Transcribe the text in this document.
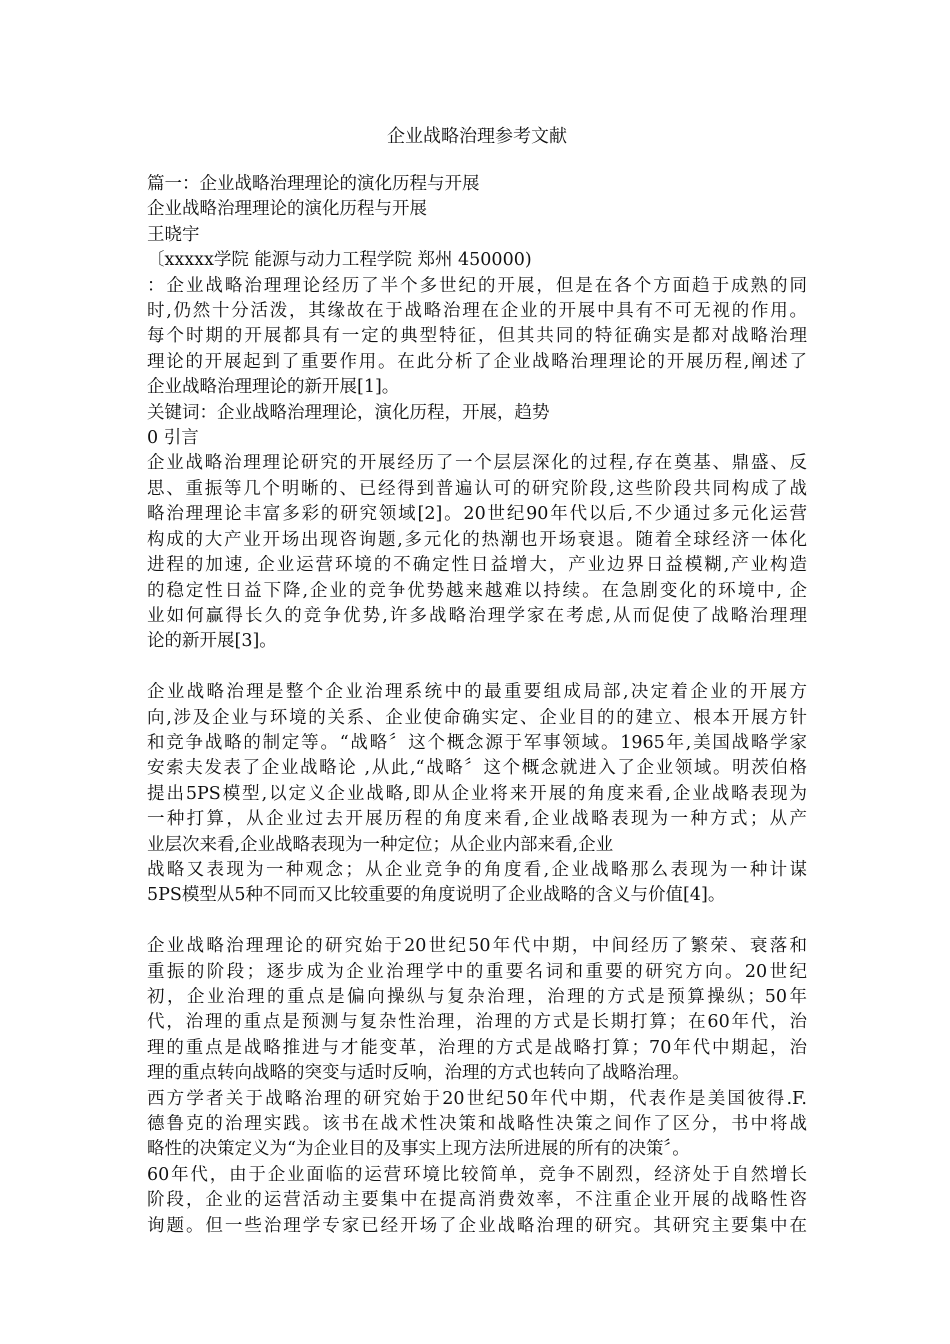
企业战略治理参考文献
篇一：企业战略治理理论的演化历程与开展
企业战略治理理论的演化历程与开展
王晓宇
〔xxxxx学院 能源与动力工程学院 郑州 450000)
：企业战略治理理论经历了半个多世纪的开展，但是在各个方面趋于成熟的同
时,仍然十分活泼，其缘故在于战略治理在企业的开展中具有不可无视的作用。
每个时期的开展都具有一定的典型特征，但其共同的特征确实是都对战略治理
理论的开展起到了重要作用。在此分析了企业战略治理理论的开展历程,阐述了
企业战略治理理论的新开展[1]。
关键词：企业战略治理理论，演化历程，开展，趋势
0 引言
企业战略治理理论研究的开展经历了一个层层深化的过程,存在奠基、鼎盛、反
思、重振等几个明晰的、已经得到普遍认可的研究阶段,这些阶段共同构成了战
略治理理论丰富多彩的研究领域[2]。20世纪90年代以后,不少通过多元化运营
构成的大产业开场出现咨询题,多元化的热潮也开场衰退。随着全球经济一体化
进程的加速, 企业运营环境的不确定性日益增大，产业边界日益模糊,产业构造
的稳定性日益下降,企业的竞争优势越来越难以持续。在急剧变化的环境中, 企
业如何赢得长久的竞争优势,许多战略治理学家在考虑,从而促使了战略治理理
论的新开展[3]。
企业战略治理是整个企业治理系统中的最重要组成局部,决定着企业的开展方
向,涉及企业与环境的关系、企业使命确实定、企业目的的建立、根本开展方针
和竞争战略的制定等。“战略〞这个概念源于军事领域。1965年,美国战略学家
安索夫发表了企业战略论 ,从此,“战略〞这个概念就进入了企业领域。明茨伯格
提出5PS模型,以定义企业战略,即从企业将来开展的角度来看,企业战略表现为
一种打算，从企业过去开展历程的角度来看,企业战略表现为一种方式；从产
业层次来看,企业战略表现为一种定位；从企业内部来看,企业
战略又表现为一种观念；从企业竞争的角度看,企业战略那么表现为一种计谋
5PS模型从5种不同而又比较重要的角度说明了企业战略的含义与价值[4]。
企业战略治理理论的研究始于20世纪50年代中期，中间经历了繁荣、衰落和
重振的阶段；逐步成为企业治理学中的重要名词和重要的研究方向。20世纪
初，企业治理的重点是偏向操纵与复杂治理，治理的方式是预算操纵；50年
代，治理的重点是预测与复杂性治理，治理的方式是长期打算；在60年代，治
理的重点是战略推进与才能变革，治理的方式是战略打算；70年代中期起，治
理的重点转向战略的突变与适时反响，治理的方式也转向了战略治理。
西方学者关于战略治理的研究始于20世纪50年代中期，代表作是美国彼得.F.
德鲁克的治理实践。该书在战术性决策和战略性决策之间作了区分，书中将战
略性的决策定义为“为企业目的及事实上现方法所进展的所有的决策〞。
60年代，由于企业面临的运营环境比较简单，竞争不剧烈，经济处于自然增长
阶段，企业的运营活动主要集中在提高消费效率，不注重企业开展的战略性咨
询题。但一些治理学专家已经开场了企业战略治理的研究。其研究主要集中在
